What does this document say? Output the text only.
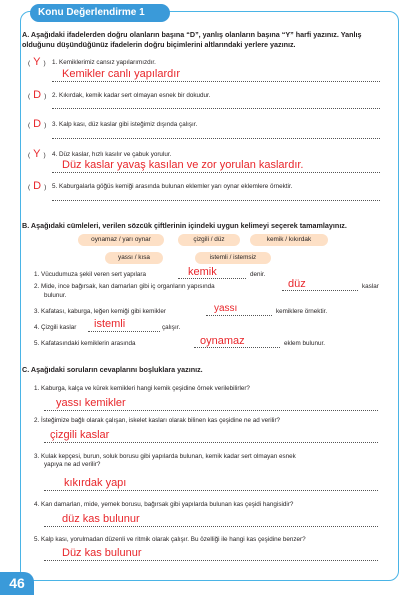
Konu Değerlendirme 1
A. Aşağıdaki ifadelerden doğru olanların başına “D”, yanlış olanların başına “Y” harfi yazınız. Yanlış olduğunu düşündüğünüz ifadelerin doğru biçimlerini altlarındaki yerlere yazınız.
( Y ) 1. Kemiklerimiz cansız yapılarımızdır.
Kemikler canlı yapılardır
( D ) 2. Kıkırdak, kemik kadar sert olmayan esnek bir dokudur.
( D ) 3. Kalp kası, düz kaslar gibi isteğimiz dışında çalışır.
( Y ) 4. Düz kaslar, hızlı kasılır ve çabuk yorulur.
Düz kaslar yavaş kasılan ve zor yorulan kaslardır.
( D ) 5. Kaburgalarla göğüs kemiği arasında bulunan eklemler yarı oynar eklemlere örnektir.
B. Aşağıdaki cümleleri, verilen sözcük çiftlerinin içindeki uygun kelimeyi seçerek tamamlayınız.
oynamaz / yarı oynar	çizgili / düz	kemik / kıkırdak
yassı / kısa	istemli / istemsiz
1. Vücudumuza şekil veren sert yapılara	kemik	denir.
2. Mide, ince bağırsak, kan damarları gibi iç organların yapısında	düz	kaslar
bulunur.
3. Kafatası, kaburga, leğen kemiği gibi kemikler	yassı	kemiklere örnektir.
4. Çizgili kaslar istemli	çalışır.
5. Kafatasındaki kemiklerin arasında	oynamaz	eklem bulunur.
C. Aşağıdaki soruların cevaplarını boşluklara yazınız.
1. Kaburga, kalça ve kürek kemikleri hangi kemik çeşidine örnek verilebilirler?
yassı kemikler
2. İsteğimize bağlı olarak çalışan, iskelet kasları olarak bilinen kas çeşidine ne ad verilir?
çizgili kaslar
3. Kulak kepçesi, burun, soluk borusu gibi yapılarda bulunan, kemik kadar sert olmayan esnek
yapıya ne ad verilir?
kıkırdak yapı
4. Kan damarları, mide, yemek borusu, bağırsak gibi yapılarda bulunan kas çeşidi hangisidir?
düz kas bulunur
5. Kalp kası, yorulmadan düzenli ve ritmik olarak çalışır. Bu özelliği ile hangi kas çeşidine benzer?
Düz kas bulunur
46
